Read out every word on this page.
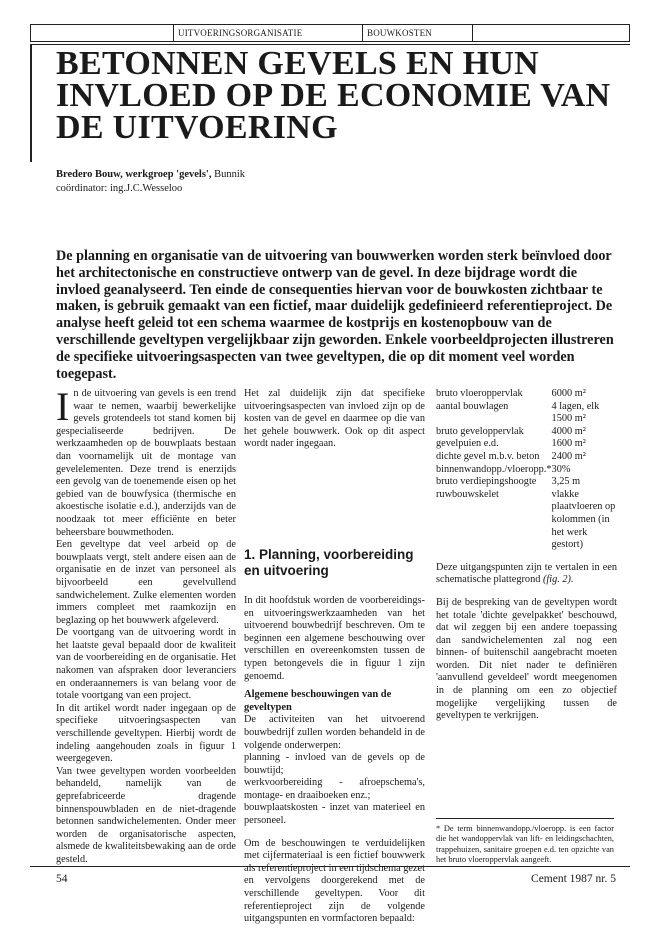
UITVOERINGSORGANISATIE	BOUWKOSTEN
BETONNEN GEVELS EN HUN INVLOED OP DE ECONOMIE VAN DE UITVOERING
Bredero Bouw, werkgroep 'gevels', Bunnik
coördinator: ing.J.C.Wesseloo

De planning en organisatie van de uitvoering van bouwwerken worden sterk beïnvloed door het architectonische en constructieve ontwerp van de gevel. In deze bijdrage wordt die invloed geanalyseerd. Ten einde de consequenties hiervan voor de bouwkosten zichtbaar te maken, is gebruik gemaakt van een fictief, maar duidelijk gedefinieerd referentieproject. De analyse heeft geleid tot een schema waarmee de kostprijs en kostenopbouw van de verschillende geveltypen vergelijkbaar zijn geworden. Enkele voorbeeldprojecten illustreren de specifieke uitvoeringsaspecten van twee geveltypen, die op dit moment veel worden toegepast.

In de uitvoering van gevels is een trend waar te nemen, waarbij bewerkelijke gevels grotendeels tot stand komen bij gespecialiseerde bedrijven. De werkzaamheden op de bouwplaats bestaan dan voornamelijk uit de montage van gevelelementen. Deze trend is enerzijds een gevolg van de toenemende eisen op het gebied van de bouwfysica (thermische en akoestische isolatie e.d.), anderzijds van de noodzaak tot meer efficiënte en beter beheersbare bouwmethoden.

Een geveltype dat veel arbeid op de bouwplaats vergt, stelt andere eisen aan de organisatie en de inzet van personeel als bijvoorbeeld een gevelvullend sandwichelement. Zulke elementen worden immers compleet met raamkozijn en beglazing op het bouwwerk afgeleverd.

De voortgang van de uitvoering wordt in het laatste geval bepaald door de kwaliteit van de voorbereiding en de organisatie. Het nakomen van afspraken door leveranciers en onderaannemers is van belang voor de totale voortgang van een project.

In dit artikel wordt nader ingegaan op de specifieke uitvoeringsaspecten van verschillende geveltypen. Hierbij wordt de indeling aangehouden zoals in figuur 1 weergegeven.

Van twee geveltypen worden voorbeelden behandeld, namelijk van de geprefabriceerde dragende binnenspouwbladen en de niet-dragende betonnen sandwichelementen. Onder meer worden de organisatorische aspecten, alsmede de kwaliteitsbewaking aan de orde gesteld.

Het zal duidelijk zijn dat specifieke uitvoeringsaspecten van invloed zijn op de kosten van de gevel en daarmee op die van het gehele bouwwerk. Ook op dit aspect wordt nader ingegaan.

1. Planning, voorbereiding en uitvoering

In dit hoofdstuk worden de voorbereidings- en uitvoeringswerkzaamheden van het uitvoerend bouwbedrijf beschreven. Om te beginnen een algemene beschouwing over verschillen en overeenkomsten tussen de typen betongevels die in figuur 1 zijn genoemd.

Algemene beschouwingen van de geveltypen

De activiteiten van het uitvoerend bouwbedrijf zullen worden behandeld in de volgende onderwerpen:

planning - invloed van de gevels op de bouwtijd;

werkvoorbereiding - afroepschema's, montage- en draaiboeken enz.;

bouwplaatskosten - inzet van materieel en personeel.

Om de beschouwingen te verduidelijken met cijfermateriaal is een fictief bouwwerk als referentieproject in een tijdschema gezet en vervolgens doorgerekend met de verschillende geveltypen. Voor dit referentieproject zijn de volgende uitgangspunten en vormfactoren bepaald:

bruto vloeroppervlak	6000 m²
aantal bouwlagen	4 lagen, elk 1500 m²
bruto geveloppervlak	4000 m²
gevelpuien e.d.	1600 m²
dichte gevel m.b.v. beton	2400 m²
binnenwandopp./vloeropp.*	30%
bruto verdiepingshoogte	3,25 m
ruwbouwskelet	vlakke plaatvloeren op kolommen (in het werk gestort)

Deze uitgangspunten zijn te vertalen in een schematische plattegrond (fig. 2).

Bij de bespreking van de geveltypen wordt het totale 'dichte gevelpakket' beschouwd, dat wil zeggen bij een andere toepassing dan sandwichelementen zal nog een binnen- of buitenschil aangebracht moeten worden. Dit niet nader te definiëren 'aanvullend geveldeel' wordt meegenomen in de planning om een zo objectief mogelijke vergelijking tussen de geveltypen te verkrijgen.

* De term binnenwandopp./vloeropp. is een factor die het wandoppervlak van lift- en leidingschachten, trappehuizen, sanitaire groepen e.d. ten opzichte van het bruto vloeroppervlak aangeeft.
54	Cement 1987 nr. 5
